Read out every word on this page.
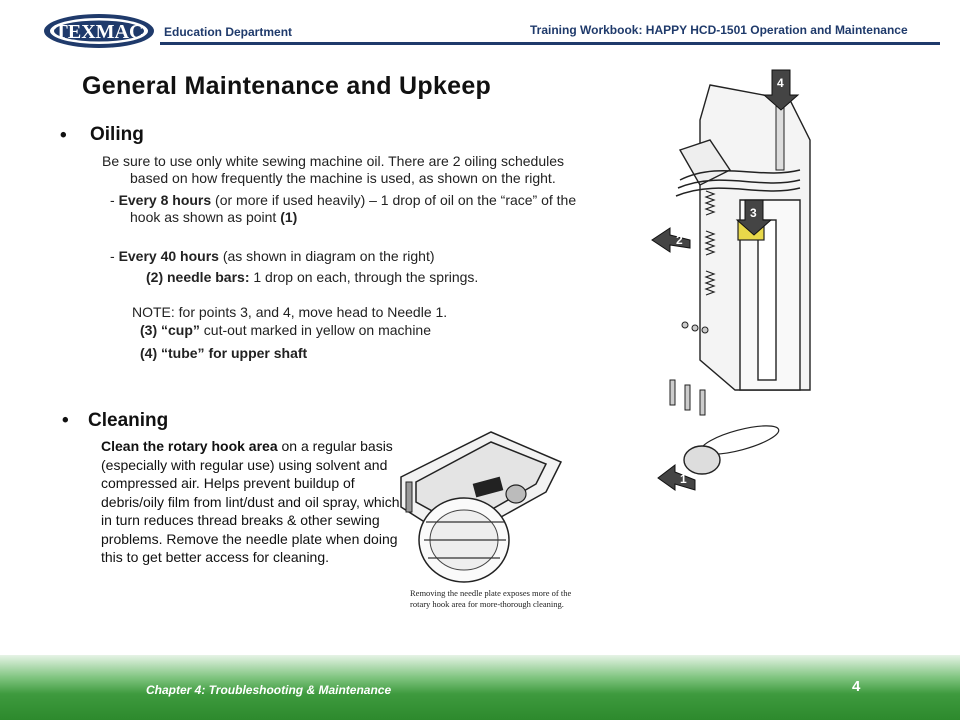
TEXMAC Education Department	Training Workbook: HAPPY HCD-1501 Operation and Maintenance
General Maintenance and Upkeep
• Oiling
Be sure to use only white sewing machine oil. There are 2 oiling schedules
based on how frequently the machine is used, as shown on the right.
- Every 8 hours (or more if used heavily) – 1 drop of oil on the “race” of the
hook as shown as point (1)
- Every 40 hours (as shown in diagram on the right)
(2) needle bars: 1 drop on each, through the springs.
NOTE: for points 3, and 4, move head to Needle 1.
(3) “cup” cut-out marked in yellow on machine
(4) “tube” for upper shaft
• Cleaning
Clean the rotary hook area on a regular basis (especially with regular use) using solvent and compressed air. Helps prevent buildup of debris/oily film from lint/dust and oil spray, which in turn reduces thread breaks & other sewing problems. Remove the needle plate when doing this to get better access for cleaning.
Removing the needle plate exposes more of the rotary hook area for more-thorough cleaning.
4
3
2
1
Chapter 4: Troubleshooting & Maintenance	4
